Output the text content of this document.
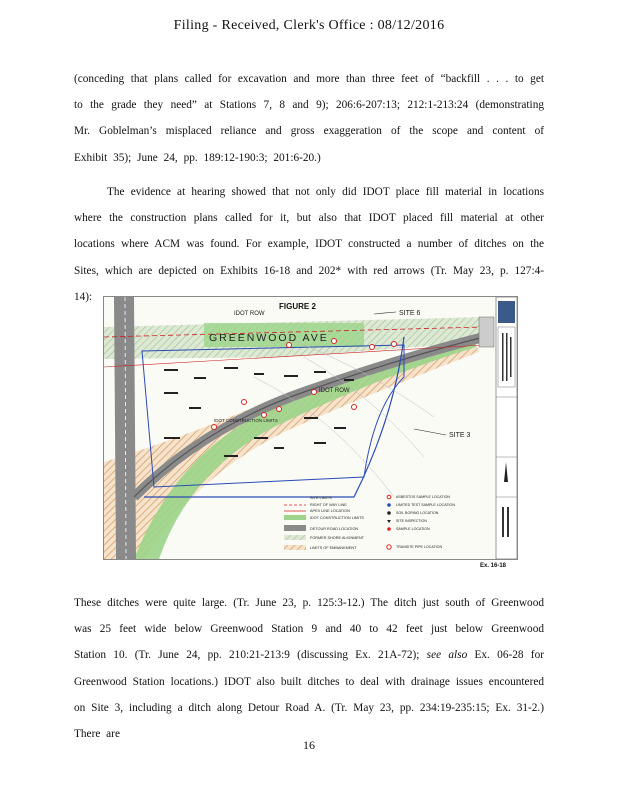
Filing - Received, Clerk's Office : 08/12/2016

(conceding that plans called for excavation and more than three feet of “backfill . . . to get to the grade they need” at Stations 7, 8 and 9); 206:6-207:13; 212:1-213:24 (demonstrating Mr. Goblelman’s misplaced reliance and gross exaggeration of the scope and content of Exhibit 35); June 24, pp. 189:12-190:3; 201:6-20.)

The evidence at hearing showed that not only did IDOT place fill material in locations where the construction plans called for it, but also that IDOT placed fill material at other locations where ACM was found. For example, IDOT constructed a number of ditches on the Sites, which are depicted on Exhibits 16-18 and 202* with red arrows (Tr. May 23, p. 127:4-14):

FIGURE 2
GREENWOOD AVE
IDOT ROW	SITE 6
IDOT ROW
SITE 3
IDOT CONSTRUCTION LIMITS
SITE LIMITS
RIGHT OF WAY LINE
APEX LINE LOCATION
IDOT CONSTRUCTION LIMITS
DETOUR ROAD LOCATION
FORMER SHORE ALIGNMENT
LIMITS OF EMBANKMENT
ASBESTOS SAMPLE LOCATION
LIMITED TEST SAMPLE LOCATION
SOIL BORING LOCATION
SITE INSPECTION
SAMPLE LOCATION
TRANSITE PIPE LOCATION
Ex. 16-18

These ditches were quite large. (Tr. June 23, p. 125:3-12.) The ditch just south of Greenwood was 25 feet wide below Greenwood Station 9 and 40 to 42 feet just below Greenwood Station 10. (Tr. June 24, pp. 210:21-213:9 (discussing Ex. 21A-72); see also Ex. 06-28 for Greenwood Station locations.) IDOT also built ditches to deal with drainage issues encountered on Site 3, including a ditch along Detour Road A. (Tr. May 23, pp. 234:19-235:15; Ex. 31-2.) There are

16
